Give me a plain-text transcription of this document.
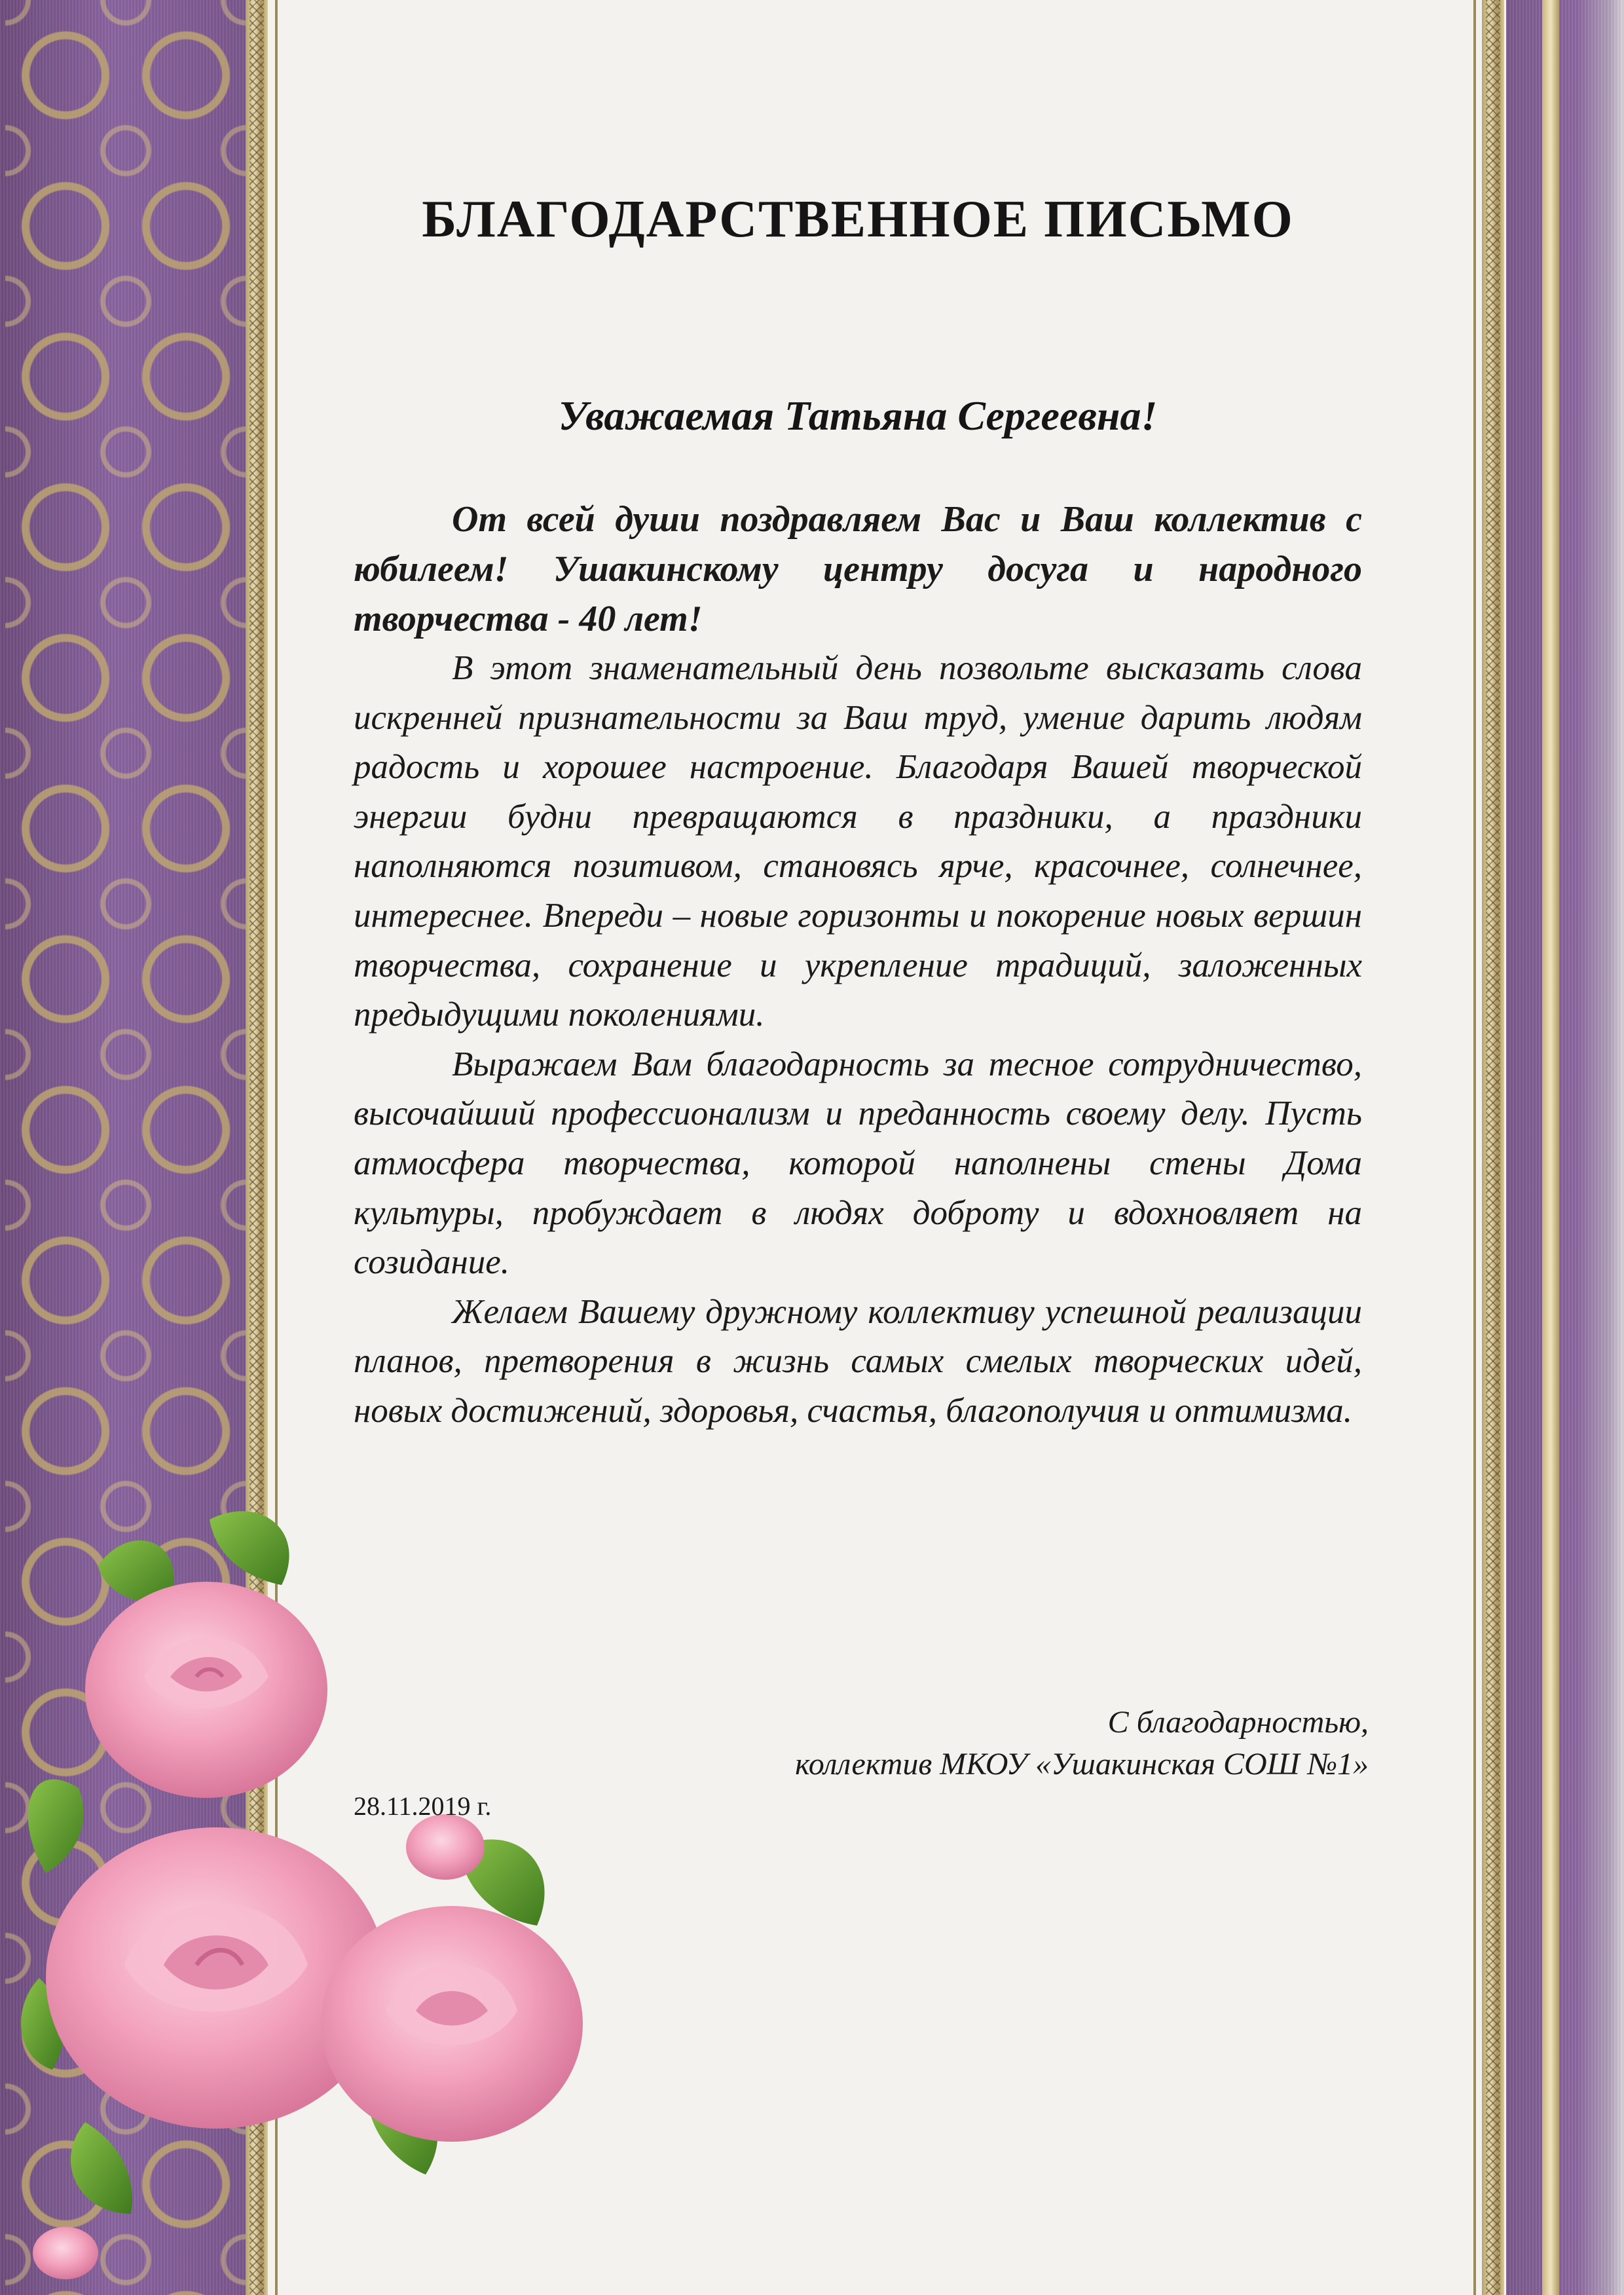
БЛАГОДАРСТВЕННОЕ ПИСЬМО
Уважаемая Татьяна Сергеевна!

От всей души поздравляем Вас и Ваш коллектив с юбилеем! Ушакинскому центру досуга и народного творчества - 40 лет!

В этот знаменательный день позвольте высказать слова искренней признательности за Ваш труд, умение дарить людям радость и хорошее настроение. Благодаря Вашей творческой энергии будни превращаются в праздники, а праздники наполняются позитивом, становясь ярче, красочнее, солнечнее, интереснее. Впереди – новые горизонты и покорение новых вершин творчества, сохранение и укрепление традиций, заложенных предыдущими поколениями.

Выражаем Вам благодарность за тесное сотрудничество, высочайший профессионализм и преданность своему делу. Пусть атмосфера творчества, которой наполнены стены Дома культуры, пробуждает в людях доброту и вдохновляет на созидание.

Желаем Вашему дружному коллективу успешной реализации планов, претворения в жизнь самых смелых творческих идей, новых достижений, здоровья, счастья, благополучия и оптимизма.

С благодарностью,
коллектив МКОУ «Ушакинская СОШ №1»
28.11.2019 г.
